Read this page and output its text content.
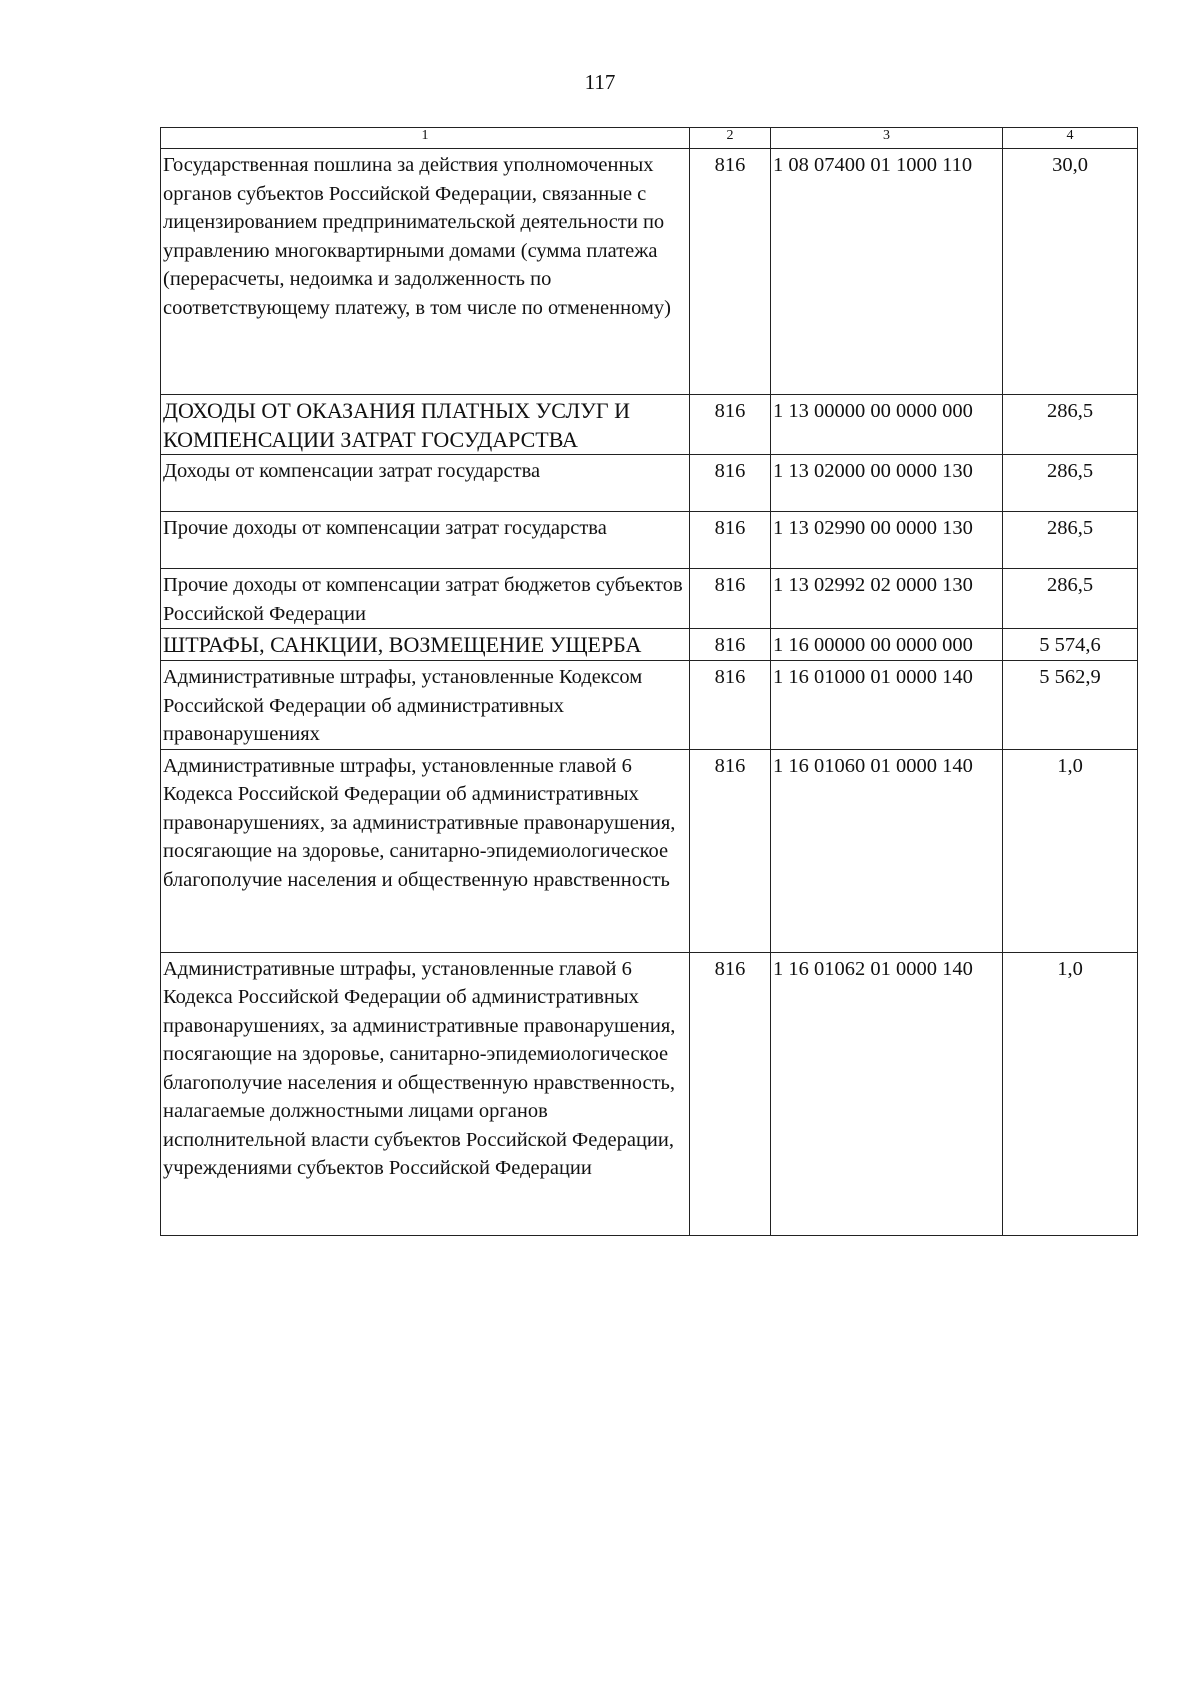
117
1	2	3	4
Государственная пошлина за действия уполномоченных органов субъектов Российской Федерации, связанные с лицензированием предпринимательской деятельности по управлению многоквартирными домами (сумма платежа (перерасчеты, недоимка и задолженность по соответствующему платежу, в том числе по отмененному)	816	1 08 07400 01 1000 110	30,0
ДОХОДЫ ОТ ОКАЗАНИЯ ПЛАТНЫХ УСЛУГ И КОМПЕНСАЦИИ ЗАТРАТ ГОСУДАРСТВА	816	1 13 00000 00 0000 000	286,5
Доходы от компенсации затрат государства	816	1 13 02000 00 0000 130	286,5
Прочие доходы от компенсации затрат государства	816	1 13 02990 00 0000 130	286,5
Прочие доходы от компенсации затрат бюджетов субъектов Российской Федерации	816	1 13 02992 02 0000 130	286,5
ШТРАФЫ, САНКЦИИ, ВОЗМЕЩЕНИЕ УЩЕРБА	816	1 16 00000 00 0000 000	5 574,6
Административные штрафы, установленные Кодексом Российской Федерации об административных правонарушениях	816	1 16 01000 01 0000 140	5 562,9
Административные штрафы, установленные главой 6 Кодекса Российской Федерации об административных правонарушениях, за административные правонарушения, посягающие на здоровье, санитарно-эпидемиологическое благополучие населения и общественную нравственность	816	1 16 01060 01 0000 140	1,0
Административные штрафы, установленные главой 6 Кодекса Российской Федерации об административных правонарушениях, за административные правонарушения, посягающие на здоровье, санитарно-эпидемиологическое благополучие населения и общественную нравственность, налагаемые должностными лицами органов исполнительной власти субъектов Российской Федерации, учреждениями субъектов Российской Федерации	816	1 16 01062 01 0000 140	1,0
